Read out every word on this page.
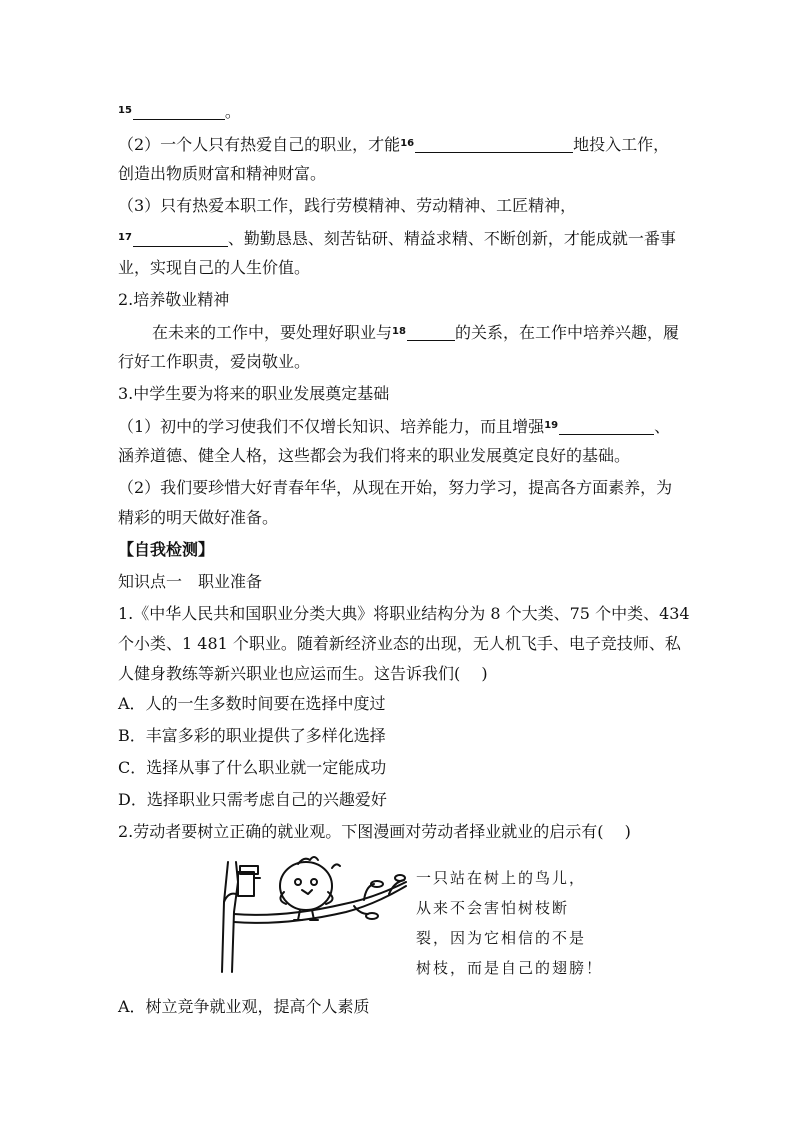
$^{15}$	。
（2）一个人只有热爱自己的职业，才能$^{16}$	地投入工作，
创造出物质财富和精神财富。
（3）只有热爱本职工作，践行劳模精神、劳动精神、工匠精神，
$^{17}$	、勤勤恳恳、刻苦钻研、精益求精、不断创新，才能成就一番事
业，实现自己的人生价值。
2.培养敬业精神
在未来的工作中，要处理好职业与$^{18}$	的关系，在工作中培养兴趣，履
行好工作职责，爱岗敬业。
3.中学生要为将来的职业发展奠定基础
（1）初中的学习使我们不仅增长知识、培养能力，而且增强$^{19}$	、
涵养道德、健全人格，这些都会为我们将来的职业发展奠定良好的基础。
（2）我们要珍惜大好青春年华，从现在开始，努力学习，提高各方面素养，为
精彩的明天做好准备。
【自我检测】
知识点一　职业准备
1.《中华人民共和国职业分类大典》将职业结构分为 8 个大类、75 个中类、434
个小类、1 481 个职业。随着新经济业态的出现，无人机飞手、电子竞技师、私
人健身教练等新兴职业也应运而生。这告诉我们(　 )
A．人的一生多数时间要在选择中度过
B．丰富多彩的职业提供了多样化选择
C．选择从事了什么职业就一定能成功
D．选择职业只需考虑自己的兴趣爱好
2.劳动者要树立正确的就业观。下图漫画对劳动者择业就业的启示有(　 )
一只站在树上的鸟儿，
从来不会害怕树枝断
裂，因为它相信的不是
树枝，而是自己的翅膀！
A．树立竞争就业观，提高个人素质
